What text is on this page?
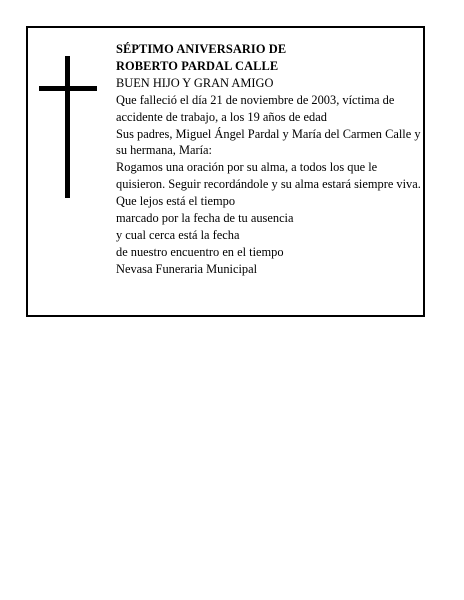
SÉPTIMO ANIVERSARIO DE

ROBERTO PARDAL CALLE

BUEN HIJO Y GRAN AMIGO

Que falleció el día 21 de noviembre de 2003, víctima de accidente de trabajo, a los 19 años de edad

Sus padres, Miguel Ángel Pardal y María del Carmen Calle y su hermana, María:

Rogamos una oración por su alma, a todos los que le quisieron. Seguir recordándole y su alma estará siempre viva.

Que lejos está el tiempo

marcado por la fecha de tu ausencia

y cual cerca está la fecha

de nuestro encuentro en el tiempo

Nevasa Funeraria Municipal
